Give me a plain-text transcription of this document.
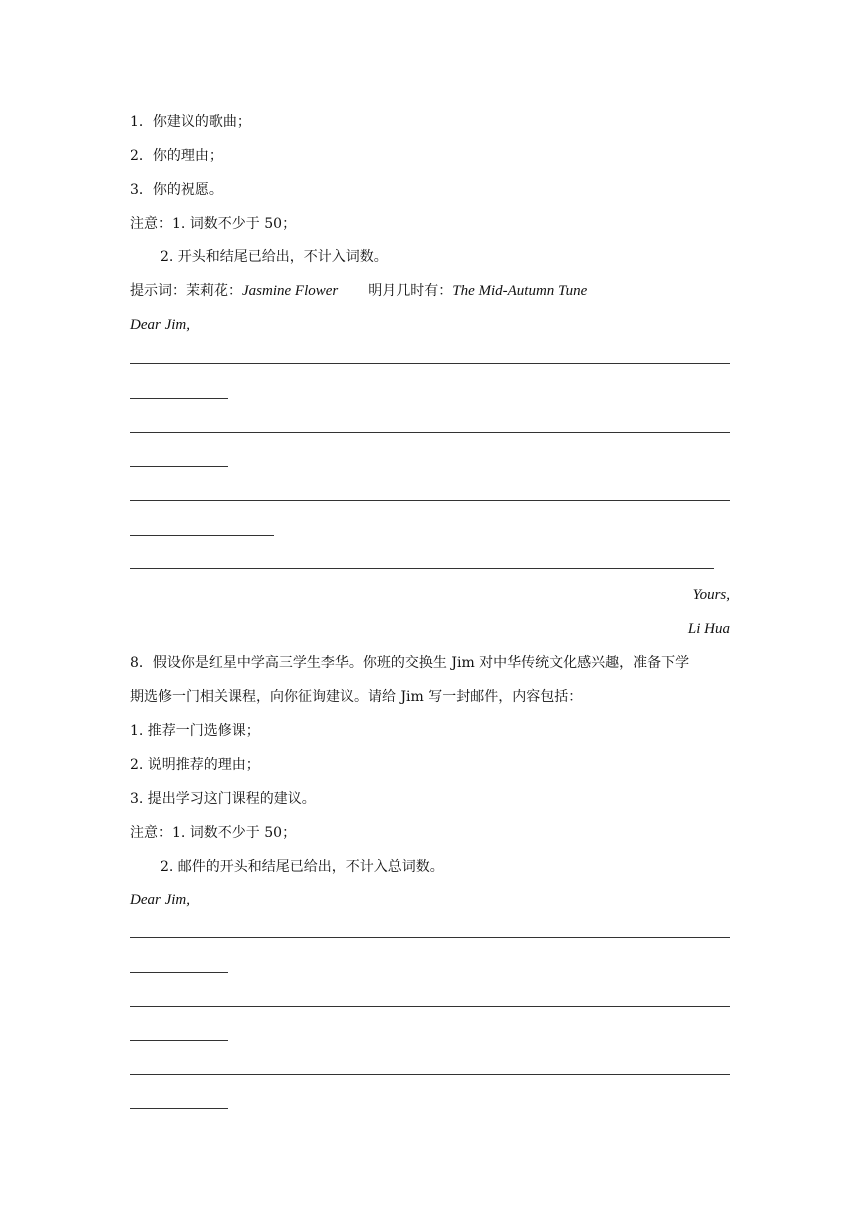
1．你建议的歌曲；
2．你的理由；
3．你的祝愿。
注意：1. 词数不少于 50；
2. 开头和结尾已给出，不计入词数。
提示词：茉莉花：Jasmine Flower 明月几时有：The Mid-Autumn Tune
Dear Jim,
Yours,
Li Hua
8．假设你是红星中学高三学生李华。你班的交换生 Jim 对中华传统文化感兴趣，准备下学
期选修一门相关课程，向你征询建议。请给 Jim 写一封邮件，内容包括：
1. 推荐一门选修课；
2. 说明推荐的理由；
3. 提出学习这门课程的建议。
注意：1. 词数不少于 50；
2. 邮件的开头和结尾已给出，不计入总词数。
Dear Jim,
